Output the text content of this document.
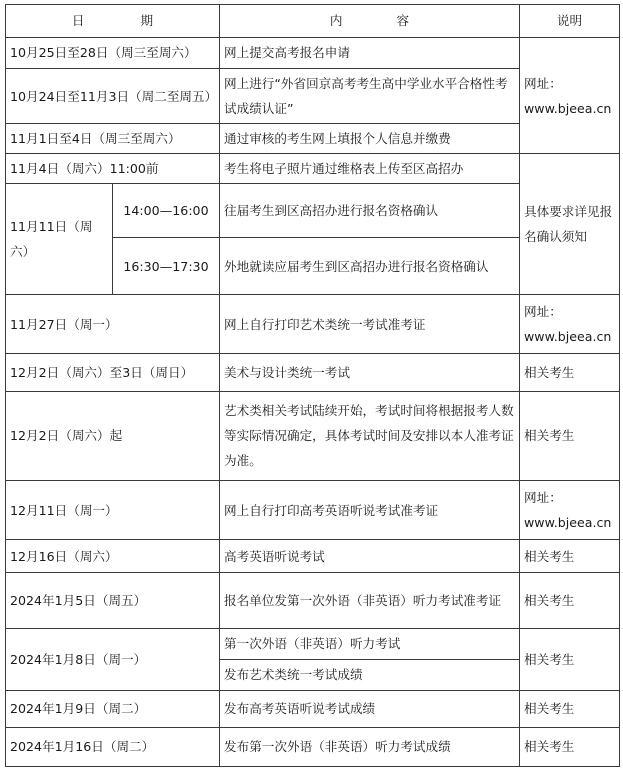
日 期		内 容	说明
10月25日至28日（周三至周六）		网上提交高考报名申请	网址：www.bjeea.cn
10月24日至11月3日（周二至周五）		网上进行“外省回京高考考生高中学业水平合格性考试成绩认证”	
11月1日至4日（周三至周六）		通过审核的考生网上填报个人信息并缴费	
11月4日（周六）11:00前		考生将电子照片通过维格表上传至区高招办	具体要求详见报名确认须知
11月11日（周六）	14:00—16:00	往届考生到区高招办进行报名资格确认	
	16:30—17:30	外地就读应届考生到区高招办进行报名资格确认	
11月27日（周一）		网上自行打印艺术类统一考试准考证	网址：
www.bjeea.cn

12月2日（周六）至3日（周日）		美术与设计类统一考试	相关考生
12月2日（周六）起		艺术类相关考试陆续开始，考试时间将根据报考人数等实际情况确定，具体考试时间及安排以本人准考证为准。	相关考生
12月11日（周一）		网上自行打印高考英语听说考试准考证	网址：
www.bjeea.cn

12月16日（周六）		高考英语听说考试	相关考生
2024年1月5日（周五）		报名单位发第一次外语（非英语）听力考试准考证	相关考生
2024年1月8日（周一）		第一次外语（非英语）听力考试	相关考生
		发布艺术类统一考试成绩	
2024年1月9日（周二）		发布高考英语听说考试成绩	相关考生
2024年1月16日（周二）		发布第一次外语（非英语）听力考试成绩	相关考生
